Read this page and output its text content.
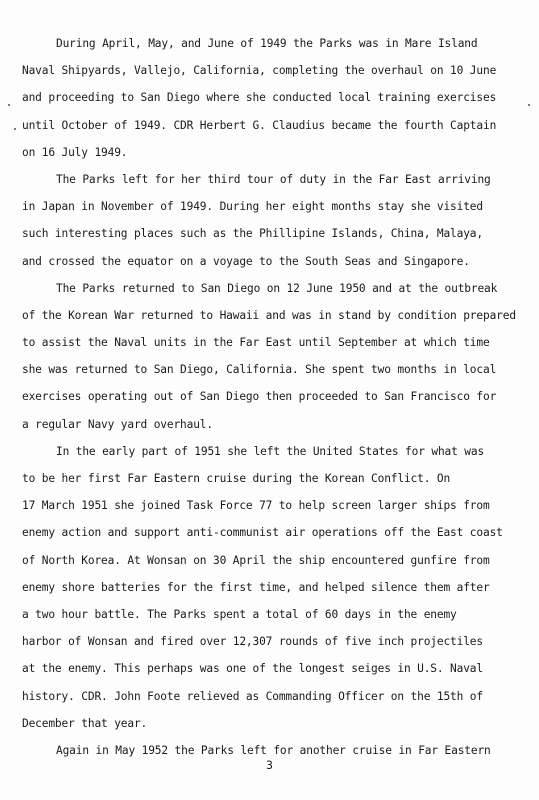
During April, May, and June of 1949 the Parks was in Mare Island
Naval Shipyards, Vallejo, California, completing the overhaul on 10 June
and proceeding to San Diego where she conducted local training exercises
until October of 1949. CDR Herbert G. Claudius became the fourth Captain
on 16 July 1949.
The Parks left for her third tour of duty in the Far East arriving
in Japan in November of 1949. During her eight months stay she visited
such interesting places such as the Phillipine Islands, China, Malaya,
and crossed the equator on a voyage to the South Seas and Singapore.
The Parks returned to San Diego on 12 June 1950 and at the outbreak
of the Korean War returned to Hawaii and was in stand by condition prepared
to assist the Naval units in the Far East until September at which time
she was returned to San Diego, California. She spent two months in local
exercises operating out of San Diego then proceeded to San Francisco for
a regular Navy yard overhaul.
In the early part of 1951 she left the United States for what was
to be her first Far Eastern cruise during the Korean Conflict. On
17 March 1951 she joined Task Force 77 to help screen larger ships from
enemy action and support anti-communist air operations off the East coast
of North Korea. At Wonsan on 30 April the ship encountered gunfire from
enemy shore batteries for the first time, and helped silence them after
a two hour battle. The Parks spent a total of 60 days in the enemy
harbor of Wonsan and fired over 12,307 rounds of five inch projectiles
at the enemy. This perhaps was one of the longest seiges in U.S. Naval
history. CDR. John Foote relieved as Commanding Officer on the 15th of
December that year.
Again in May 1952 the Parks left for another cruise in Far Eastern
3
